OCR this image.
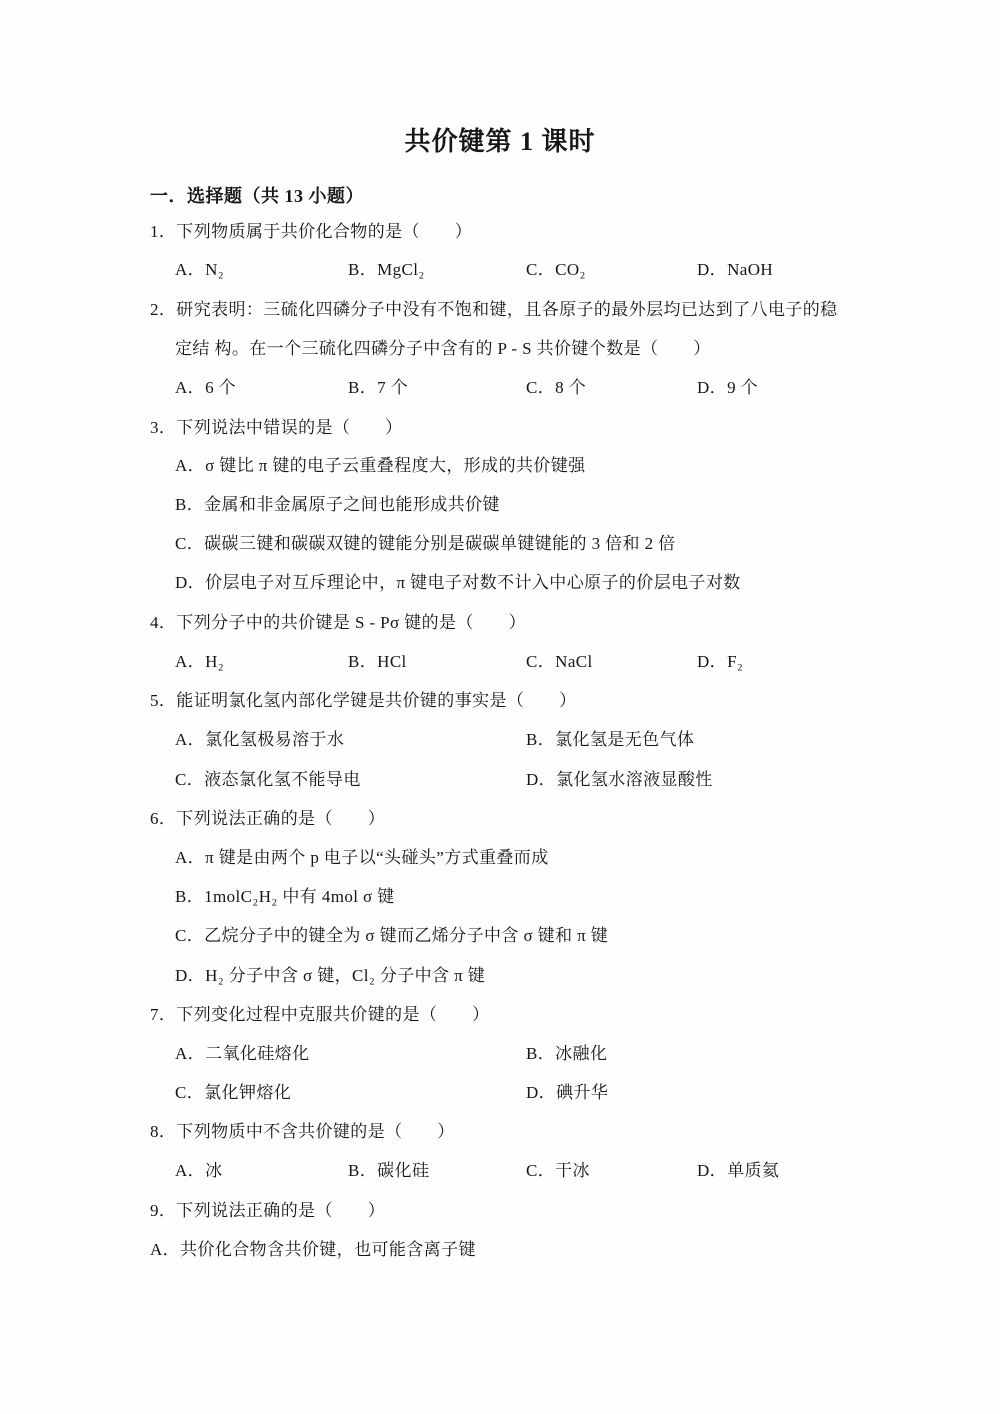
共价键第 1 课时
一．选择题（共 13 小题）
1．下列物质属于共价化合物的是（　　）
A．N₂	B．MgCl₂	C．CO₂	D．NaOH
2．研究表明：三硫化四磷分子中没有不饱和键，且各原子的最外层均已达到了八电子的稳
定结 构。在一个三硫化四磷分子中含有的 P - S 共价键个数是（　　）
A．6 个	B．7 个	C．8 个	D．9 个
3．下列说法中错误的是（　　）
A．σ 键比 π 键的电子云重叠程度大，形成的共价键强
B．金属和非金属原子之间也能形成共价键
C．碳碳三键和碳碳双键的键能分别是碳碳单键键能的 3 倍和 2 倍
D．价层电子对互斥理论中，π 键电子对数不计入中心原子的价层电子对数
4．下列分子中的共价键是 S - Pσ 键的是（　　）
A．H₂	B．HCl	C．NaCl	D．F₂
5．能证明氯化氢内部化学键是共价键的事实是（　　）
A．氯化氢极易溶于水	B．氯化氢是无色气体
C．液态氯化氢不能导电	D．氯化氢水溶液显酸性
6．下列说法正确的是（　　）
A．π 键是由两个 p 电子以“头碰头”方式重叠而成
B．1molC₂H₂ 中有 4mol σ 键
C．乙烷分子中的键全为 σ 键而乙烯分子中含 σ 键和 π 键
D．H₂ 分子中含 σ 键，Cl₂ 分子中含 π 键
7．下列变化过程中克服共价键的是（　　）
A．二氧化硅熔化	B．冰融化
C．氯化钾熔化	D．碘升华
8．下列物质中不含共价键的是（　　）
A．冰	B．碳化硅	C．干冰	D．单质氦
9．下列说法正确的是（　　）
A．共价化合物含共价键，也可能含离子键
